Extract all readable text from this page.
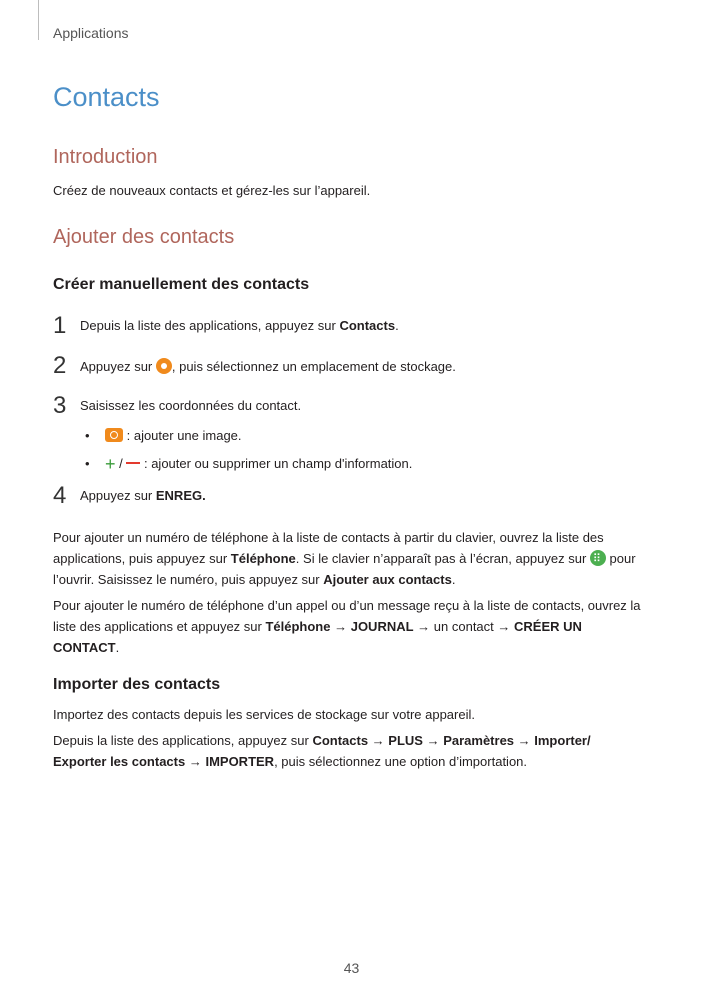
Applications
Contacts
Introduction

Créez de nouveaux contacts et gérez-les sur l’appareil.

Ajouter des contacts
Créer manuellement des contacts
1	Depuis la liste des applications, appuyez sur Contacts.
2	Appuyez sur , puis sélectionnez un emplacement de stockage.
3	Saisissez les coordonnées du contact.
•	: ajouter une image.
• + /  : ajouter ou supprimer un champ d'information.
4	Appuyez sur ENREG.

Pour ajouter un numéro de téléphone à la liste de contacts à partir du clavier, ouvrez la liste des applications, puis appuyez sur Téléphone. Si le clavier n’apparaît pas à l’écran, appuyez sur ⠿ pour l’ouvrir. Saisissez le numéro, puis appuyez sur Ajouter aux contacts.

Pour ajouter le numéro de téléphone d’un appel ou d’un message reçu à la liste de contacts, ouvrez la liste des applications et appuyez sur Téléphone → JOURNAL → un contact → CRÉER UN CONTACT.

Importer des contacts

Importez des contacts depuis les services de stockage sur votre appareil.

Depuis la liste des applications, appuyez sur Contacts → PLUS → Paramètres → Importer/ Exporter les contacts → IMPORTER, puis sélectionnez une option d’importation.

43
